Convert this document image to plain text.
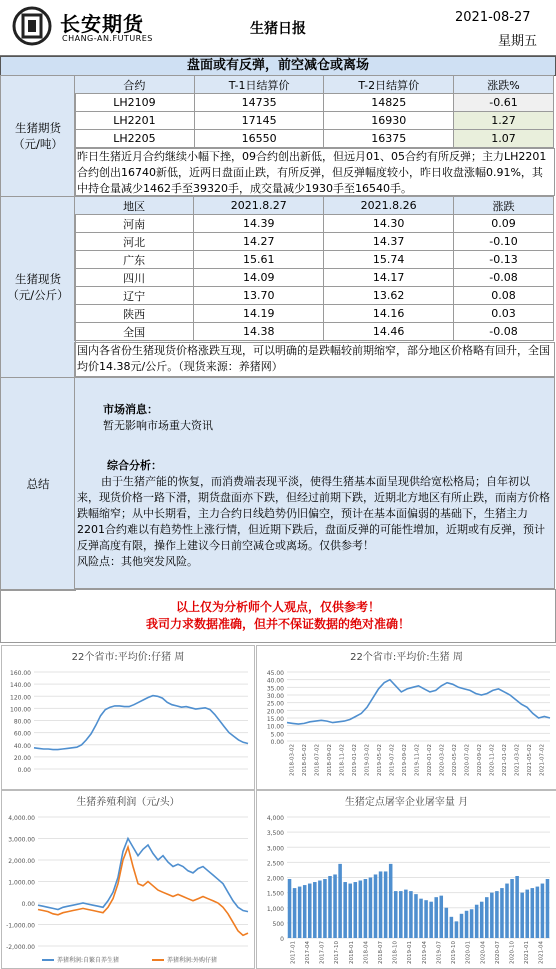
长安期货
CHANG-AN.FUTURES
生猪日报
2021-08-27
星期五
盘面或有反弹，前空减仓或离场
生猪期货
（元/吨）
合约	T-1日结算价	T-2日结算价	涨跌%
LH2109	14735	14825	-0.61
LH2201	17145	16930	1.27
LH2205	16550	16375	1.07
昨日生猪近月合约继续小幅下挫，09合约创出新低，但远月01、05合约有所反弹；主力LH2201合约创出16740新低，近两日盘面止跌，有所反弹，但反弹幅度较小，昨日收盘涨幅0.91%，其中持仓量减少1462手至39320手，成交量减少1930手至16540手。
生猪现货
（元/公斤）
地区	2021.8.27	2021.8.26	涨跌
河南	14.39	14.30	0.09
河北	14.27	14.37	-0.10
广东	15.61	15.74	-0.13
四川	14.09	14.17	-0.08
辽宁	13.70	13.62	0.08
陕西	14.19	14.16	0.03
全国	14.38	14.46	-0.08
国内各省份生猪现货价格涨跌互现，可以明确的是跌幅较前期缩窄，部分地区价格略有回升，全国均价14.38元/公斤。（现货来源：养猪网）
总结
市场消息：
暂无影响市场重大资讯
综合分析：
由于生猪产能的恢复，而消费端表现平淡，使得生猪基本面呈现供给宽松格局；自年初以来，现货价格一路下滑，期货盘面亦下跌，但经过前期下跌，近期北方地区有所止跌，而南方价格跌幅缩窄；从中长期看，主力合约日线趋势仍旧偏空，预计在基本面偏弱的基础下，生猪主力2201合约难以有趋势性上涨行情，但近期下跌后，盘面反弹的可能性增加，近期或有反弹，预计反弹高度有限，操作上建议今日前空减仓或离场。仅供参考！
风险点：其他突发风险。
以上仅为分析师个人观点，仅供参考！
我司力求数据准确，但并不保证数据的绝对准确！
22个省市:平均价:仔猪 周
0.00
20.00
40.00
60.00
80.00
100.00
120.00
140.00
160.00
22个省市:平均价:生猪 周
0.00
5.00
10.00
15.00
20.00
25.00
30.00
35.00
40.00
45.00
2018-03-02 2018-05-02 2018-07-02 2018-09-02 2018-11-02 2019-01-02 2019-03-02 2019-05-02 2019-07-02 2019-09-02 2019-11-02 2020-01-02 2020-03-02 2020-05-02 2020-07-02 2020-09-02 2020-11-02 2021-01-02 2021-03-02 2021-05-02 2021-07-02
生猪养殖利润（元/头）
-2,000.00
-1,000.00
0.00
1,000.00
2,000.00
3,000.00
4,000.00
养猪利润:自繁自养生猪	养猪利润:外购仔猪
生猪定点屠宰企业屠宰量 月
0
500
1,000
1,500
2,000
2,500
3,000
3,500
4,000
2017-01 2017-04 2017-07 2017-10 2018-01 2018-04 2018-07 2018-10 2019-01 2019-04 2019-07 2019-10 2020-01 2020-04 2020-07 2020-10 2021-01 2021-04
